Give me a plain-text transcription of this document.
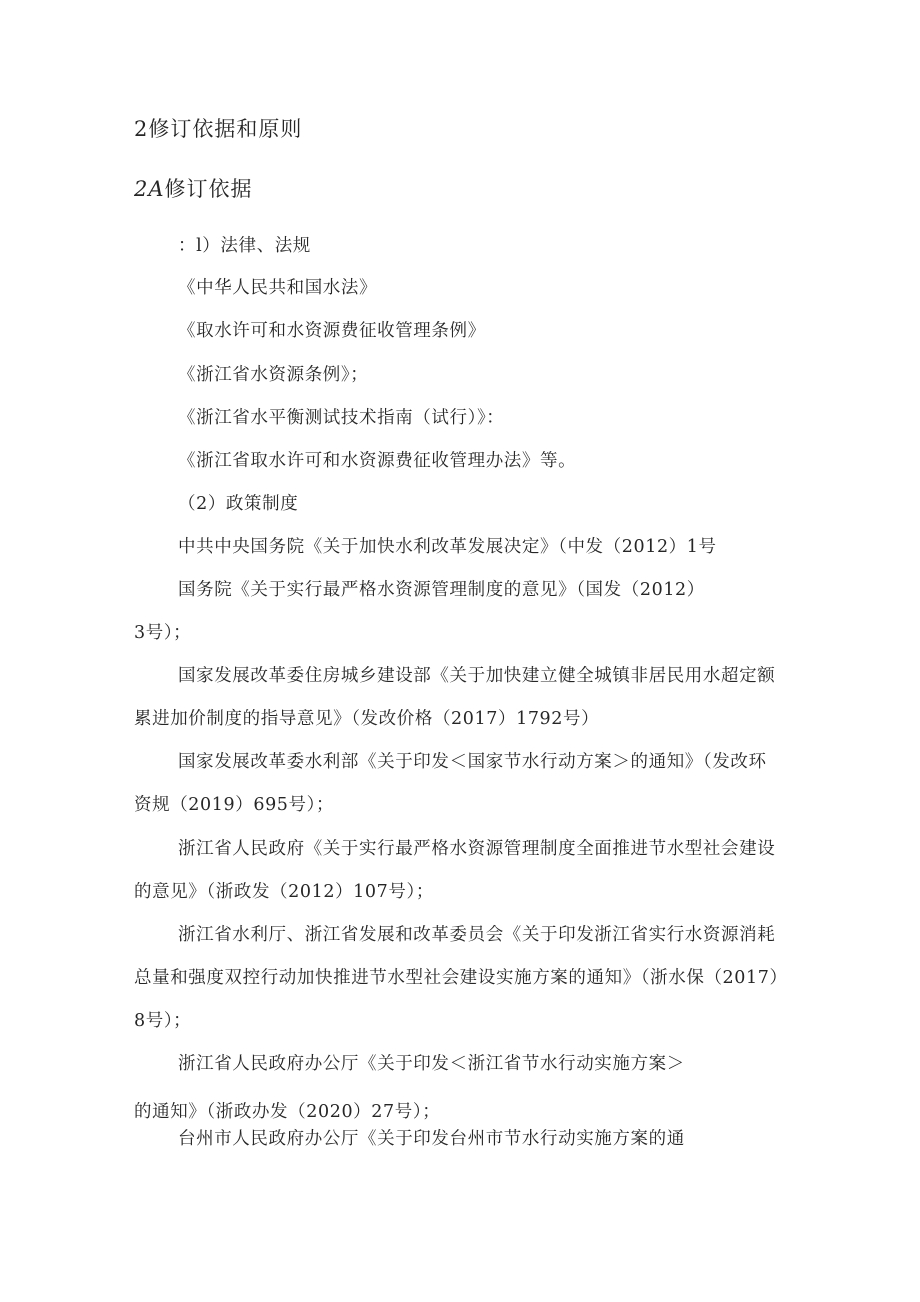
2修订依据和原则
2A修订依据
：l）法律、法规
《中华人民共和国水法》
《取水许可和水资源费征收管理条例》
《浙江省水资源条例》；
《浙江省水平衡测试技术指南（试行）》：
《浙江省取水许可和水资源费征收管理办法》等。
（2）政策制度
中共中央国务院《关于加快水利改革发展决定》（中发（2012）1号
国务院《关于实行最严格水资源管理制度的意见》（国发（2012）
3号）；
国家发展改革委住房城乡建设部《关于加快建立健全城镇非居民用水超定额
累进加价制度的指导意见》（发改价格（2017）1792号）
国家发展改革委水利部《关于印发＜国家节水行动方案＞的通知》（发改环
资规（2019）695号）；
浙江省人民政府《关于实行最严格水资源管理制度全面推进节水型社会建设
的意见》（浙政发（2012）107号）；
浙江省水利厅、浙江省发展和改革委员会《关于印发浙江省实行水资源消耗
总量和强度双控行动加快推进节水型社会建设实施方案的通知》（浙水保（2017）
8号）；
浙江省人民政府办公厅《关于印发＜浙江省节水行动实施方案＞
的通知》（浙政办发（2020）27号）；
台州市人民政府办公厅《关于印发台州市节水行动实施方案的通
